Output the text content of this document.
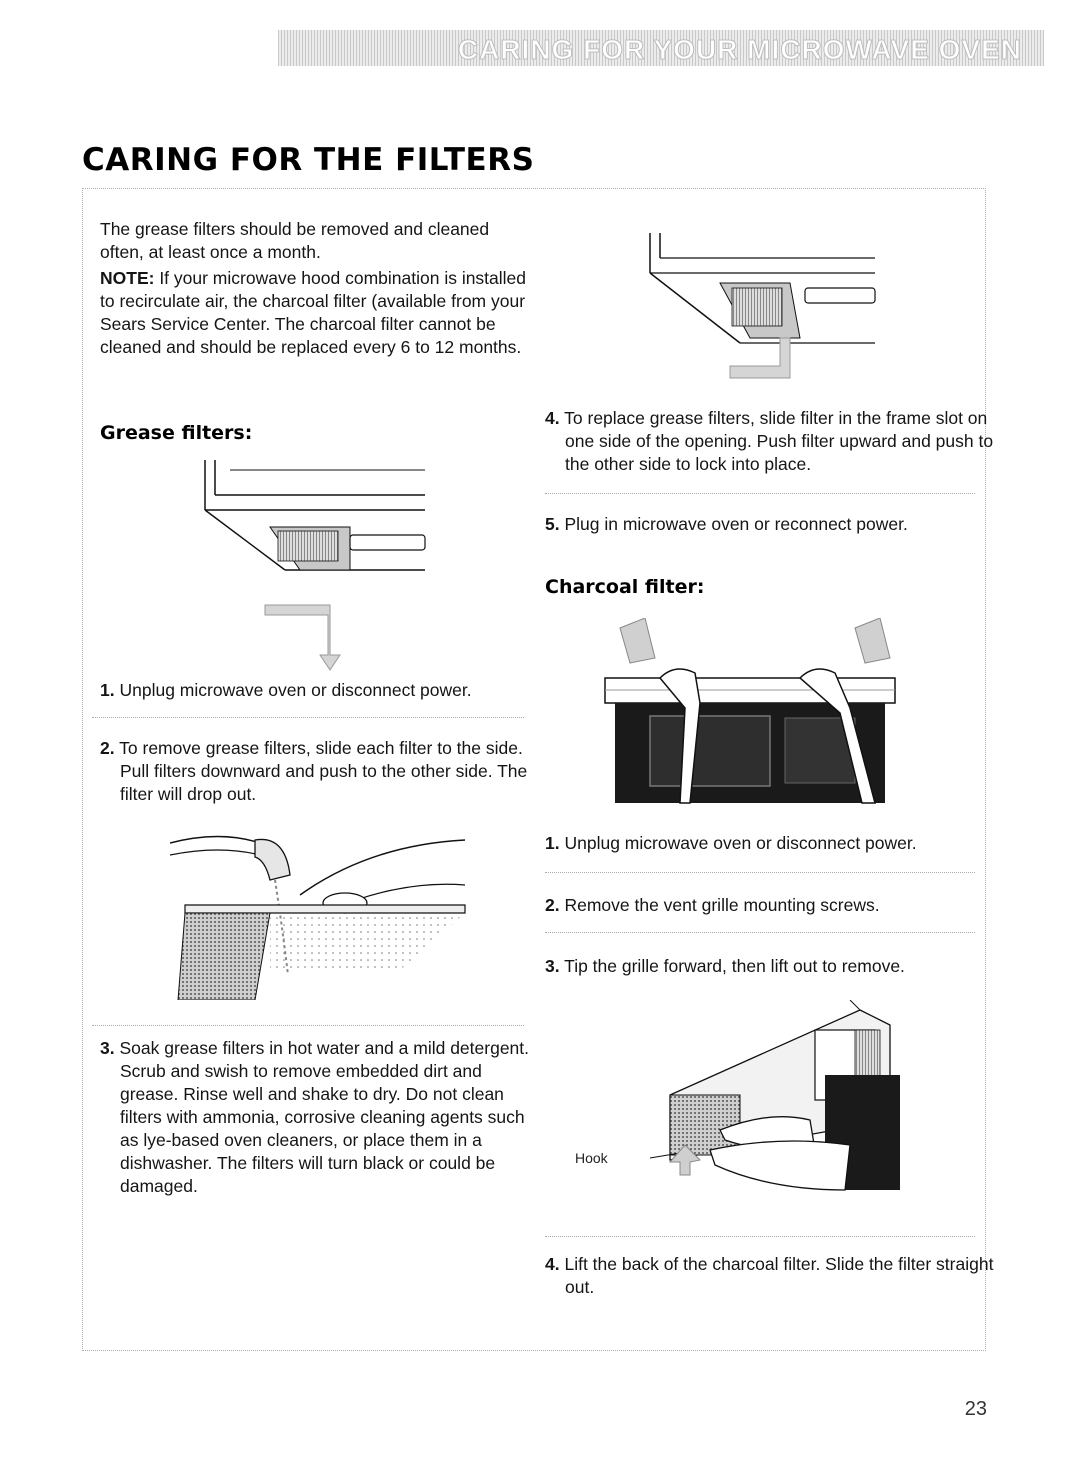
CARING FOR YOUR MICROWAVE OVEN
CARING FOR THE FILTERS

The grease filters should be removed and cleaned often, at least once a month.

NOTE: If your microwave hood combination is installed to recirculate air, the charcoal filter (available from your Sears Service Center. The charcoal filter cannot be cleaned and should be replaced every 6 to 12 months.

Grease filters:

1. Unplug microwave oven or disconnect power.

2. To remove grease filters, slide each filter to the side. Pull filters downward and push to the other side. The filter will drop out.

3. Soak grease filters in hot water and a mild detergent. Scrub and swish to remove embedded dirt and grease. Rinse well and shake to dry. Do not clean filters with ammonia, corrosive cleaning agents such as lye-based oven cleaners, or place them in a dishwasher. The filters will turn black or could be damaged.

4. To replace grease filters, slide filter in the frame slot on one side of the opening. Push filter upward and push to the other side to lock into place.

5. Plug in microwave oven or reconnect power.

Charcoal filter:

1. Unplug microwave oven or disconnect power.

2. Remove the vent grille mounting screws.

3. Tip the grille forward, then lift out to remove.

Hook

4. Lift the back of the charcoal filter. Slide the filter straight out.

23
